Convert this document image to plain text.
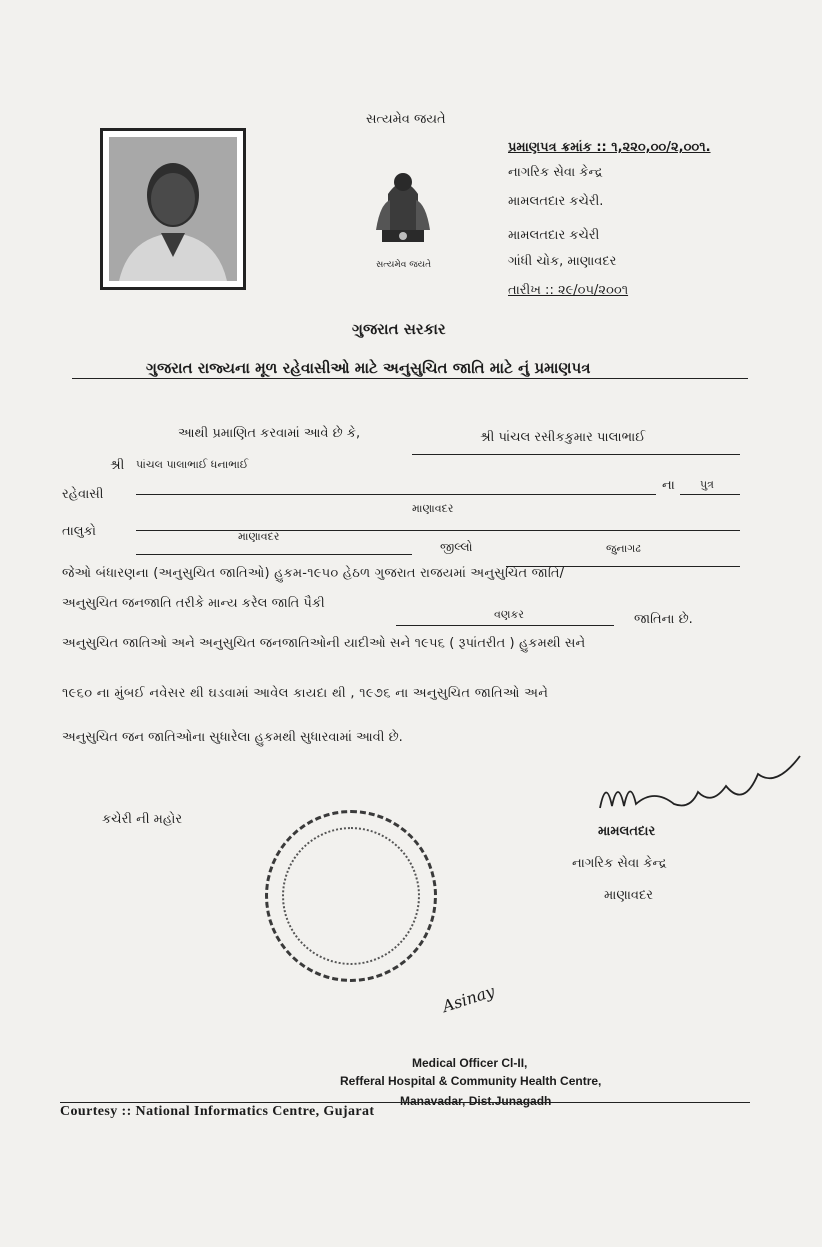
સત્યમેવ જયતે
સત્યમેવ જયતે
પ્રમાણપત્ર ક્રમાંક :: ૧,૨૨૦,૦૦/૨,૦૦૧.
નાગરિક સેવા કેન્દ્ર
મામલતદાર કચેરી.
મામલતદાર કચેરી
ગાંધી ચોક, માણાવદર
તારીખ :: ૨૯/૦૫/૨૦૦૧
ગુજરાત સરકાર
ગુજરાત રાજ્યના મૂળ રહેવાસીઓ માટે અનુસુચિત જાતિ માટે નું પ્રમાણપત્ર
આથી પ્રમાણિત કરવામાં આવે છે કે,	શ્રી પાંચલ રસીકકુમાર પાલાભાઈ
શ્રી પાંચલ પાલાભાઈ ધનાભાઈ
ના પુત્ર
રહેવાસી
માણાવદર
તાલુકો	માણાવદર
જીલ્લો	જુનાગઢ
જેઓ બંધારણના (અનુસુચિત જાતિઓ) હુકમ-૧૯૫૦ હેઠળ ગુજરાત રાજયમાં અનુસુચિત જાતિ/
અનુસુચિત જનજાતિ તરીકે માન્ય કરેલ જાતિ પૈકી
વણકર	જાતિના છે.
અનુસુચિત જાતિઓ અને અનુસુચિત જનજાતિઓની યાદીઓ સને ૧૯૫૬ ( રૂપાંતરીત ) હુકમથી સને
૧૯૬૦ ના મુંબઈ નવેસર થી ઘડવામાં આવેલ કાયદા થી , ૧૯૭૬ ના અનુસુચિત જાતિઓ અને
અનુસુચિત જન જાતિઓના સુધારેલા હુકમથી સુધારવામાં આવી છે.
કચેરી ની મહોર
મામલતદાર
નાગરિક સેવા કેન્દ્ર
માણાવદર
Asinay
Medical Officer Cl-II,
Refferal Hospital & Community Health Centre,
Manavadar, Dist.Junagadh
Courtesy :: National Informatics Centre, Gujarat
